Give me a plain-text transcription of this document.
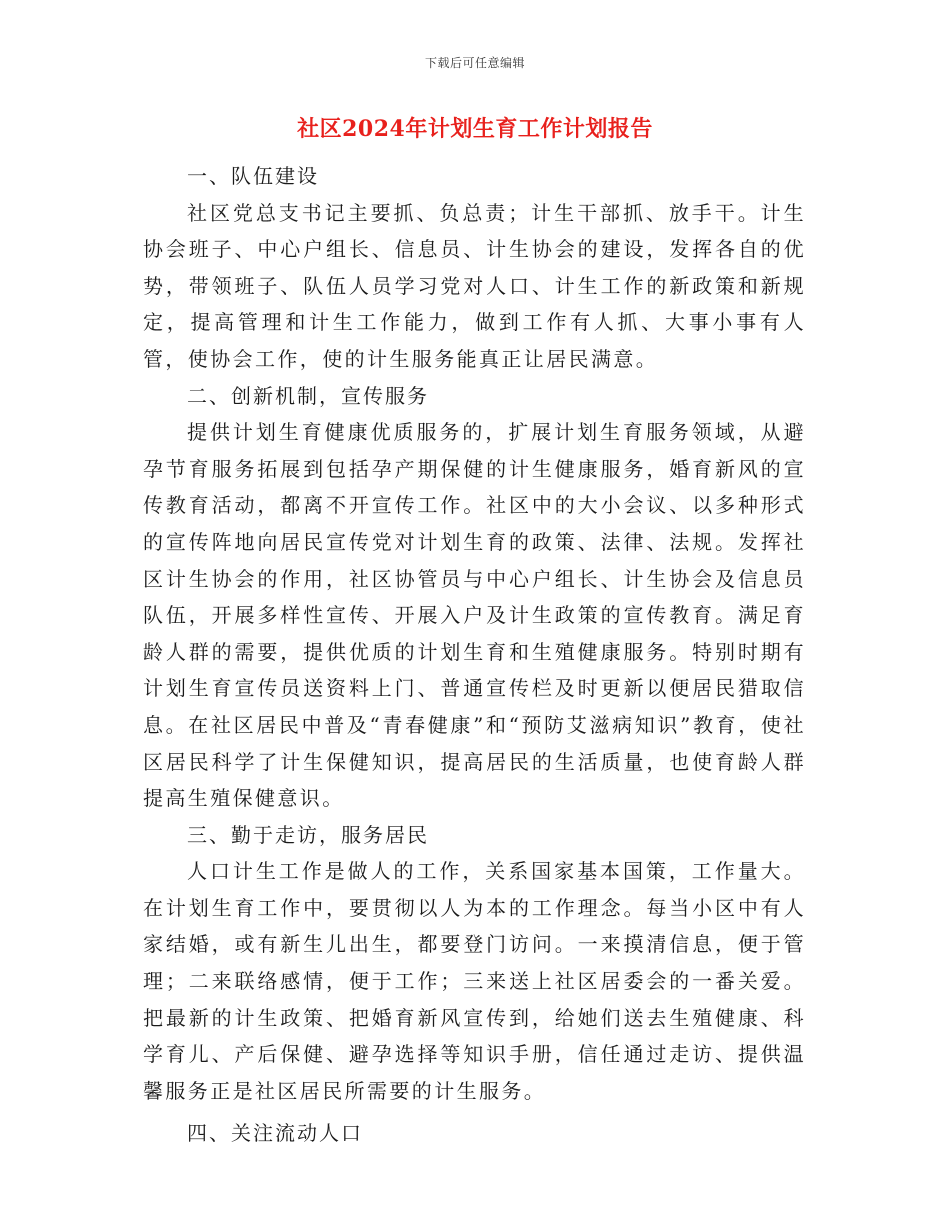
下载后可任意编辑
社区2024年计划生育工作计划报告

一、队伍建设

社区党总支书记主要抓、负总责；计生干部抓、放手干。计生协会班子、中心户组长、信息员、计生协会的建设，发挥各自的优势，带领班子、队伍人员学习党对人口、计生工作的新政策和新规定，提高管理和计生工作能力，做到工作有人抓、大事小事有人管，使协会工作，使的计生服务能真正让居民满意。

二、创新机制，宣传服务

提供计划生育健康优质服务的，扩展计划生育服务领域，从避孕节育服务拓展到包括孕产期保健的计生健康服务，婚育新风的宣传教育活动，都离不开宣传工作。社区中的大小会议、以多种形式的宣传阵地向居民宣传党对计划生育的政策、法律、法规。发挥社区计生协会的作用，社区协管员与中心户组长、计生协会及信息员队伍，开展多样性宣传、开展入户及计生政策的宣传教育。满足育龄人群的需要，提供优质的计划生育和生殖健康服务。特别时期有计划生育宣传员送资料上门、普通宣传栏及时更新以便居民猎取信息。在社区居民中普及“青春健康”和“预防艾滋病知识”教育，使社区居民科学了计生保健知识，提高居民的生活质量，也使育龄人群提高生殖保健意识。

三、勤于走访，服务居民

人口计生工作是做人的工作，关系国家基本国策，工作量大。在计划生育工作中，要贯彻以人为本的工作理念。每当小区中有人家结婚，或有新生儿出生，都要登门访问。一来摸清信息，便于管理；二来联络感情，便于工作；三来送上社区居委会的一番关爱。把最新的计生政策、把婚育新风宣传到，给她们送去生殖健康、科学育儿、产后保健、避孕选择等知识手册，信任通过走访、提供温馨服务正是社区居民所需要的计生服务。

四、关注流动人口
